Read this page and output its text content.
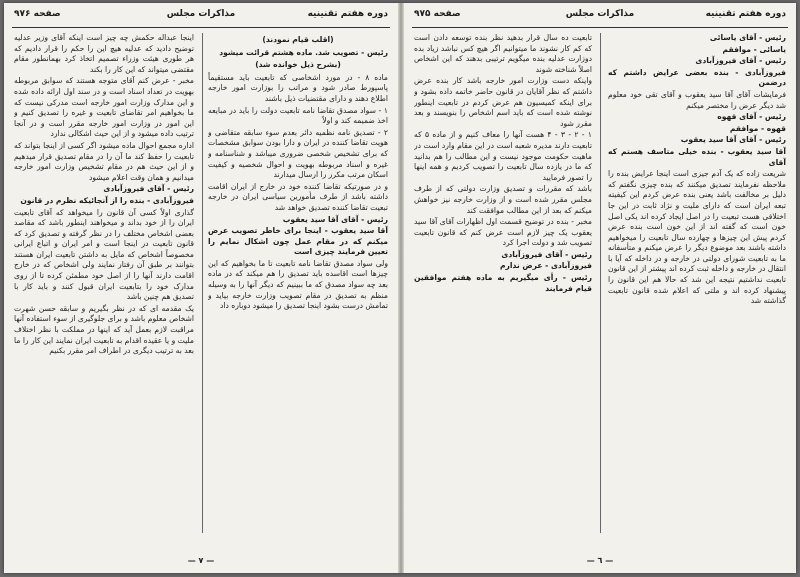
دوره هفتم تقنینیه
مذاکرات مجلس
صفحه ۹۷۶

(اقلب قیام نمودند)

رئیس - تصویب شد. ماده هشتم قرائت میشود

(بشرح ذیل خوانده شد)

ماده ۸ - در مورد اشخاصی که تابعیت باید مستقیماً پاسپورط صادر شود و مراتب را بوزارت امور خارجه اطلاع دهند و دارای مقتضیات ذیل باشند

۱ - سواد مصدق تقاضا نامه تابعیت دولت را باید در مبایعه اخذ ضمیمه کند و اولاً

۲ - تصدیق نامه نظمیه دائر بعدم سوء سابقه متقاضی و هویت تقاضا کننده در ایران و دارا بودن سوابق مشخصات که برای تشخیص شخصی ضروری میباشد و شناسنامه و غیره و اسناد مربوطه بهویت و احوال شخصیه و کیفیت اسکان مرتب مکرر را ارسال میدارند

و در صورتیکه تقاضا کننده خود در خارج از ایران اقامت داشته باشد از طرف مأمورین سیاسی ایران در خارجه تبعیت تقاضا کننده تصدیق خواهد شد

رئیس - آقای آقا سید یعقوب

آقا سید یعقوب - اینجا برای خاطر تصویب عرض میکنم که در مقام عمل چون اشکال نمایم را تعیین فرمایند چیزی است

ولی سواد مصدق تقاضا نامه تابعیت تا ما بخواهیم که این چیزها است اقاسده باید تصدیق را هم میکند که در ماده بعد چه سواد مصدق که ما ببینیم که دیگر آنها را به وسیله منظم به تصدیق در مقام تصویب وزارت خارجه بیاید و تمامش درست بشود اینجا تصدیق را میشود دوباره داد

اینجا عبداله حکمش چه چیز است اینکه آقای وزیر عدلیه توضیح دادید که عدلیه هیچ این را حکم را قرار دادیم که هر طوری هیئت وزراء تصمیم اتخاذ کرد بهمانطور مقام مقتضی میتواند که این کار را بکند

مخبر - عرض کنم آقای متوجه هستند که سوابق مربوطه بهویت در تعداد اسناد است و در سند اول ارائه داده شده و این مدارک وزارت امور خارجه است مدرکی نیست که ما بخواهیم امر تقاضای تابعیت و غیره را تصدیق کنیم و این امور در وزارت امور خارجه مقرر است و در آنجا ترتیب داده میشود و از این حیث اشکالی ندارد

اداره مجمع احوال ماده میشود اگر کسی از اینجا بتواند که تابعیت را حفظ کند ما آن را در مقام تصدیق قرار میدهیم و از این حیث هم در مقام تشخیص وزارت امور خارجه میدانیم و همان وقت اعلام میشود

رئیس - آقای فیروزآبادی

فیروزآبادی - بنده را از آنجائیکه نظرم در قانون

گذاری اولاً کسی آن قانون را میخواهد که آقای تابعیت ایران را از خود بداند و میخواهند اینطور باشد که مقاصد بعضی اشخاص مختلف را در نظر گرفته و تصدیق کرد که قانون تابعیت در اینجا است و امر ایران و اتباع ایرانی مخصوصاً اشخاص که مایل به داشتن تابعیت ایران هستند بتوانند بر طبق آن رفتار نمایند ولی اشخاص که در خارج اقامت دارند آنها را از اصل خود مطمئن کرده تا از روی مدارک خود را بتابعیت ایران قبول کنند و باید کار با تصدیق هم چنین باشد

یک مقدمه ای که در نظر بگیریم و سابقه حسن شهرت اشخاص معلوم باشد و برای جلوگیری از سوء استفاده آنها مراقبت لازم بعمل آید که اینها در مملکت با نظر اختلاف ملیت و یا عقیده اقدام به تابعیت ایران نمایند این کار را ما بعد به ترتیب دیگری در اطراف امر مقرر بکنیم

— ٧ —
دوره هفتم تقنینیه
مذاکرات مجلس
صفحه ۹۷۵

رئیس - آقای یاسائی

یاسائی - موافقم

رئیس - آقای فیروزآبادی

فیروزآبادی - بنده بعضی عرایض داشتم که درضمن

فرمایشات آقای آقا سید یعقوب و آقای تقی خود معلوم شد دیگر عرض را مختصر میکنم

رئیس - آقای قهوه

قهوه - موافقم

رئیس - آقای آقا سید یعقوب

آقا سید یعقوب - بنده خیلی متاسف هستم که آقای

شریعت زاده که یک آدم جیزی است اینجا عرایض بنده را ملاحظه نفرمایند تصدیق میکنند که بنده چیزی نگفتم که دلیل بر مخالفت باشد یعنی بنده عرض کردم این کیفیته تبعه ایران است که دارای ملیت و نژاد ثابت در این جا اختلافی هست تبعیت را در اصل ایجاد کرده اند یکی اصل خون است که گفته اند از این خون است بنده عرض کردم پیش این چیزها و چهارده سال تابعیت را میخواهیم داشته باشند بعد موضوع دیگر را عرض میکنم و متأسفانه ما به تابعیت شورای دولتی در خارجه و در داخله که آیا با انتقال در خارجه و داخله ثبت کرده اند پیشتر از این قانون تابعیت نداشتیم نتیجه این شد که حالا هم این قانون را پیشنهاد کرده اند و ملتی که اعلام شده قانون تابعیت گذاشته شد

تابعیت ده سال قرار بدهید نظر بنده توسعه دادن است که کم کار نشوند ما میتوانیم اگر هیچ کس نباشد زیاد بده دوزارت عدلیه بنده میگویم ترتیبی بدهند که این اشخاص اصلاً شناخته شوند

واینکه دست وزارت امور خارجه باشد کار بنده عرض داشتم که نظر آقایان در قانون حاضر خاتمه داده بشود و برای اینکه کمیسیون هم عرض کردم در تابعیت اینطور نوشته شده است که باید اسم اشخاص را بنویسند و بعد مقرر شود

۱ - ۲ - ۳ - ۴ هست آنها را معاف کنیم و از ماده ۵ که تابعیت دارند مدیره شعبه است در این مقام وارد است در ماهیت حکومت موجود نیست و این مطالب را هم بدانید که ما در یازده سال تابعیت را تصویب کردیم و همه اینها را تصور فرمایید

باشد که مقررات و تصدیق وزارت دولتی که از طرف مجلس مقرر شده است و از وزارت خارجه نیز خواهش میکنم که بعد از این مطالب موافقت کند

مخبر - بنده در توضیح قسمت اول اظهارات آقای آقا سید یعقوب یک چیز لازم است عرض کنم که قانون تابعیت تصویب شد و دولت اجرا کرد

رئیس - آقای فیروزآبادی

فیروزآبادی - عرض ندارم

رئیس - رأی میگیریم به ماده هفتم موافقین قیام فرمایند

— ٦ —
